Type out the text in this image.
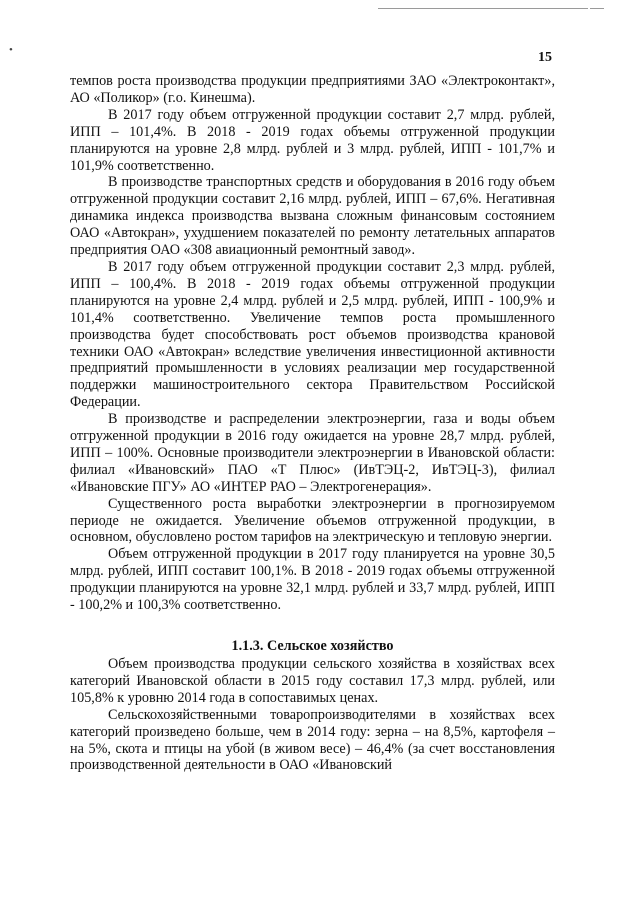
•	15

темпов роста производства продукции предприятиями ЗАО «Электроконтакт», АО «Поликор» (г.о. Кинешма).

В 2017 году объем отгруженной продукции составит 2,7 млрд. рублей, ИПП – 101,4%. В 2018 - 2019 годах объемы отгруженной продукции планируются на уровне 2,8 млрд. рублей и 3 млрд. рублей, ИПП - 101,7% и 101,9% соответственно.

В производстве транспортных средств и оборудования в 2016 году объем отгруженной продукции составит 2,16 млрд. рублей, ИПП – 67,6%. Негативная динамика индекса производства вызвана сложным финансовым состоянием ОАО «Автокран», ухудшением показателей по ремонту летательных аппаратов предприятия ОАО «308 авиационный ремонтный завод».

В 2017 году объем отгруженной продукции составит 2,3 млрд. рублей, ИПП – 100,4%. В 2018 - 2019 годах объемы отгруженной продукции планируются на уровне 2,4 млрд. рублей и 2,5 млрд. рублей, ИПП - 100,9% и 101,4% соответственно. Увеличение темпов роста промышленного производства будет способствовать рост объемов производства крановой техники ОАО «Автокран» вследствие увеличения инвестиционной активности предприятий промышленности в условиях реализации мер государственной поддержки машиностроительного сектора Правительством Российской Федерации.

В производстве и распределении электроэнергии, газа и воды объем отгруженной продукции в 2016 году ожидается на уровне 28,7 млрд. рублей, ИПП – 100%. Основные производители электроэнергии в Ивановской области: филиал «Ивановский» ПАО «Т Плюс» (ИвТЭЦ-2, ИвТЭЦ-3), филиал «Ивановские ПГУ» АО «ИНТЕР РАО – Электрогенерация».

Существенного роста выработки электроэнергии в прогнозируемом периоде не ожидается. Увеличение объемов отгруженной продукции, в основном, обусловлено ростом тарифов на электрическую и тепловую энергии.

Объем отгруженной продукции в 2017 году планируется на уровне 30,5 млрд. рублей, ИПП составит 100,1%. В 2018 - 2019 годах объемы отгруженной продукции планируются на уровне 32,1 млрд. рублей и 33,7 млрд. рублей, ИПП - 100,2% и 100,3% соответственно.

1.1.3. Сельское хозяйство

Объем производства продукции сельского хозяйства в хозяйствах всех категорий Ивановской области в 2015 году составил 17,3 млрд. рублей, или 105,8% к уровню 2014 года в сопоставимых ценах.

Сельскохозяйственными товаропроизводителями в хозяйствах всех категорий произведено больше, чем в 2014 году: зерна – на 8,5%, картофеля – на 5%, скота и птицы на убой (в живом весе) – 46,4% (за счет восстановления производственной деятельности в ОАО «Ивановский
